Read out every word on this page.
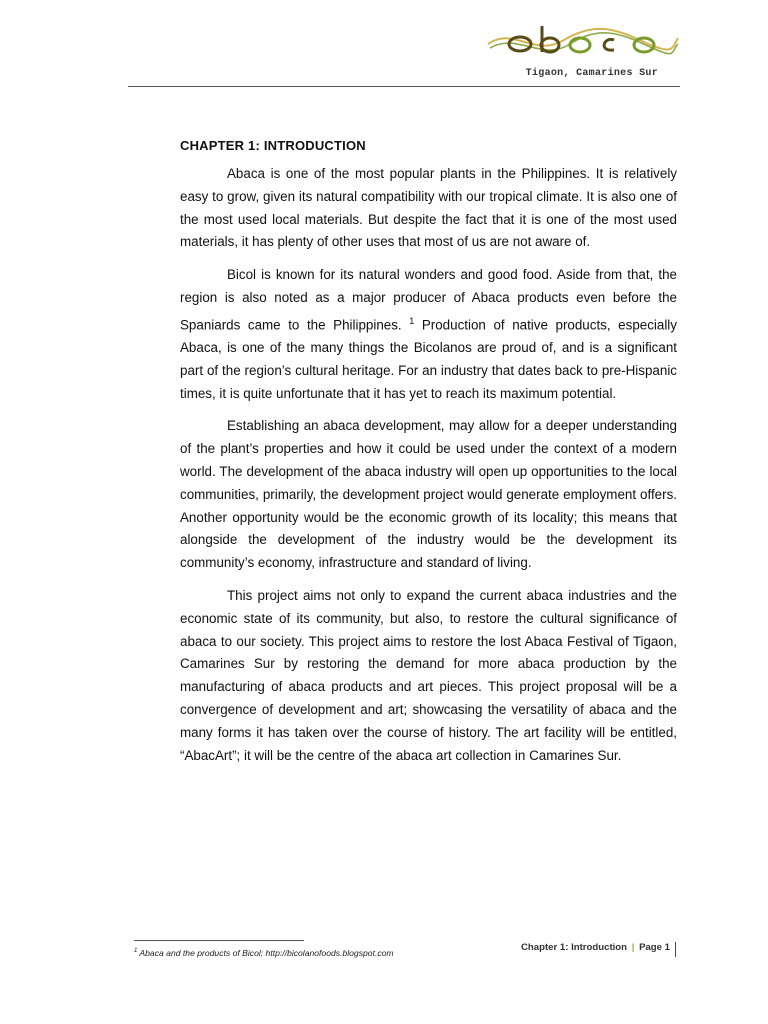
Tigaon, Camarines Sur
CHAPTER 1: INTRODUCTION

Abaca is one of the most popular plants in the Philippines. It is relatively easy to grow, given its natural compatibility with our tropical climate. It is also one of the most used local materials. But despite the fact that it is one of the most used materials, it has plenty of other uses that most of us are not aware of.

Bicol is known for its natural wonders and good food. Aside from that, the region is also noted as a major producer of Abaca products even before the Spaniards came to the Philippines. $^1$ Production of native products, especially Abaca, is one of the many things the Bicolanos are proud of, and is a significant part of the region’s cultural heritage. For an industry that dates back to pre-Hispanic times, it is quite unfortunate that it has yet to reach its maximum potential.

Establishing an abaca development, may allow for a deeper understanding of the plant’s properties and how it could be used under the context of a modern world. The development of the abaca industry will open up opportunities to the local communities, primarily, the development project would generate employment offers. Another opportunity would be the economic growth of its locality; this means that alongside the development of the industry would be the development its community’s economy, infrastructure and standard of living.

This project aims not only to expand the current abaca industries and the economic state of its community, but also, to restore the cultural significance of abaca to our society. This project aims to restore the lost Abaca Festival of Tigaon, Camarines Sur by restoring the demand for more abaca production by the manufacturing of abaca products and art pieces. This project proposal will be a convergence of development and art; showcasing the versatility of abaca and the many forms it has taken over the course of history. The art facility will be entitled, “AbacArt”; it will be the centre of the abaca art collection in Camarines Sur.

$^1$ Abaca and the products of Bicol; http://bicolanofoods.blogspot.com	Chapter 1: Introduction | Page 1
